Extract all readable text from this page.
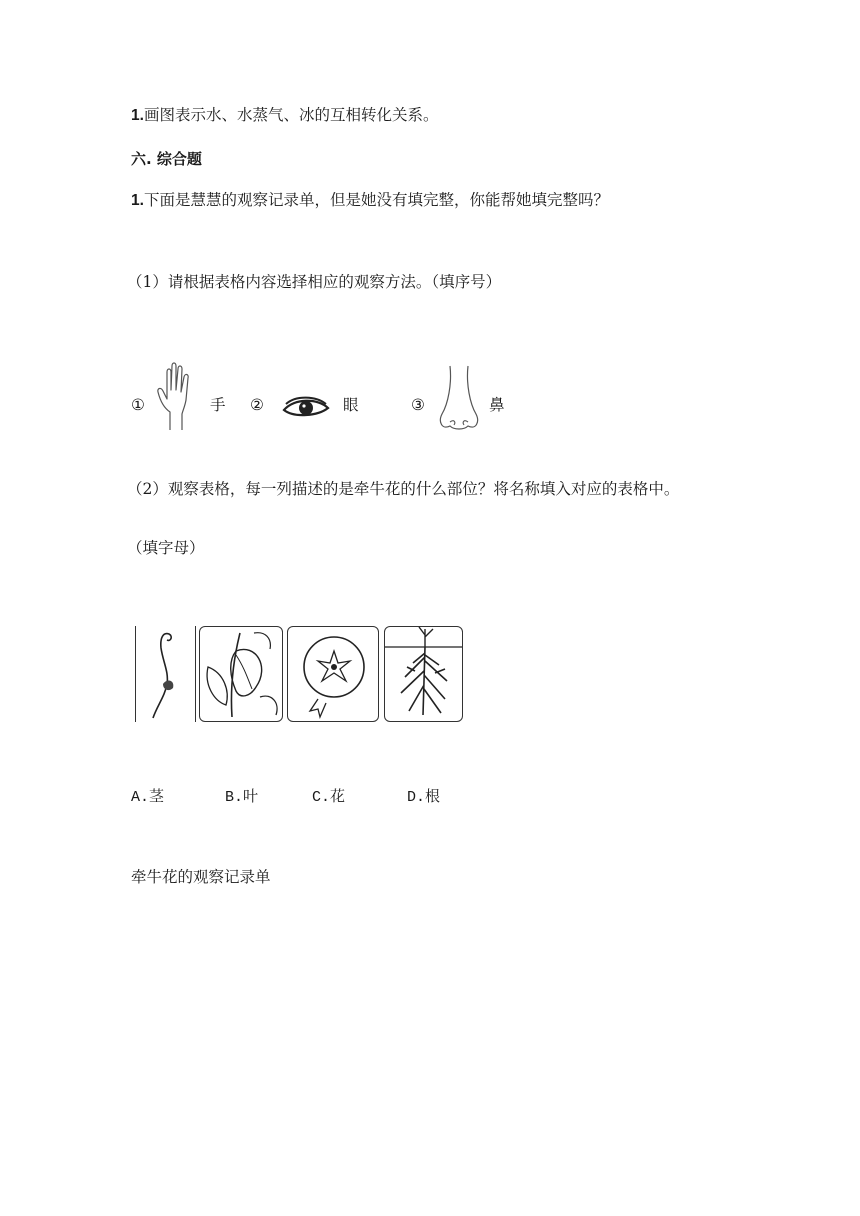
1.画图表示水、水蒸气、冰的互相转化关系。
六. 综合题
1.下面是慧慧的观察记录单，但是她没有填完整，你能帮她填完整吗？
（1）请根据表格内容选择相应的观察方法。（填序号）
①	手 ②	眼	③	鼻
（2）观察表格，每一列描述的是牵牛花的什么部位？将名称填入对应的表格中。
（填字母）
A.茎	B.叶	C.花	D.根
牵牛花的观察记录单
